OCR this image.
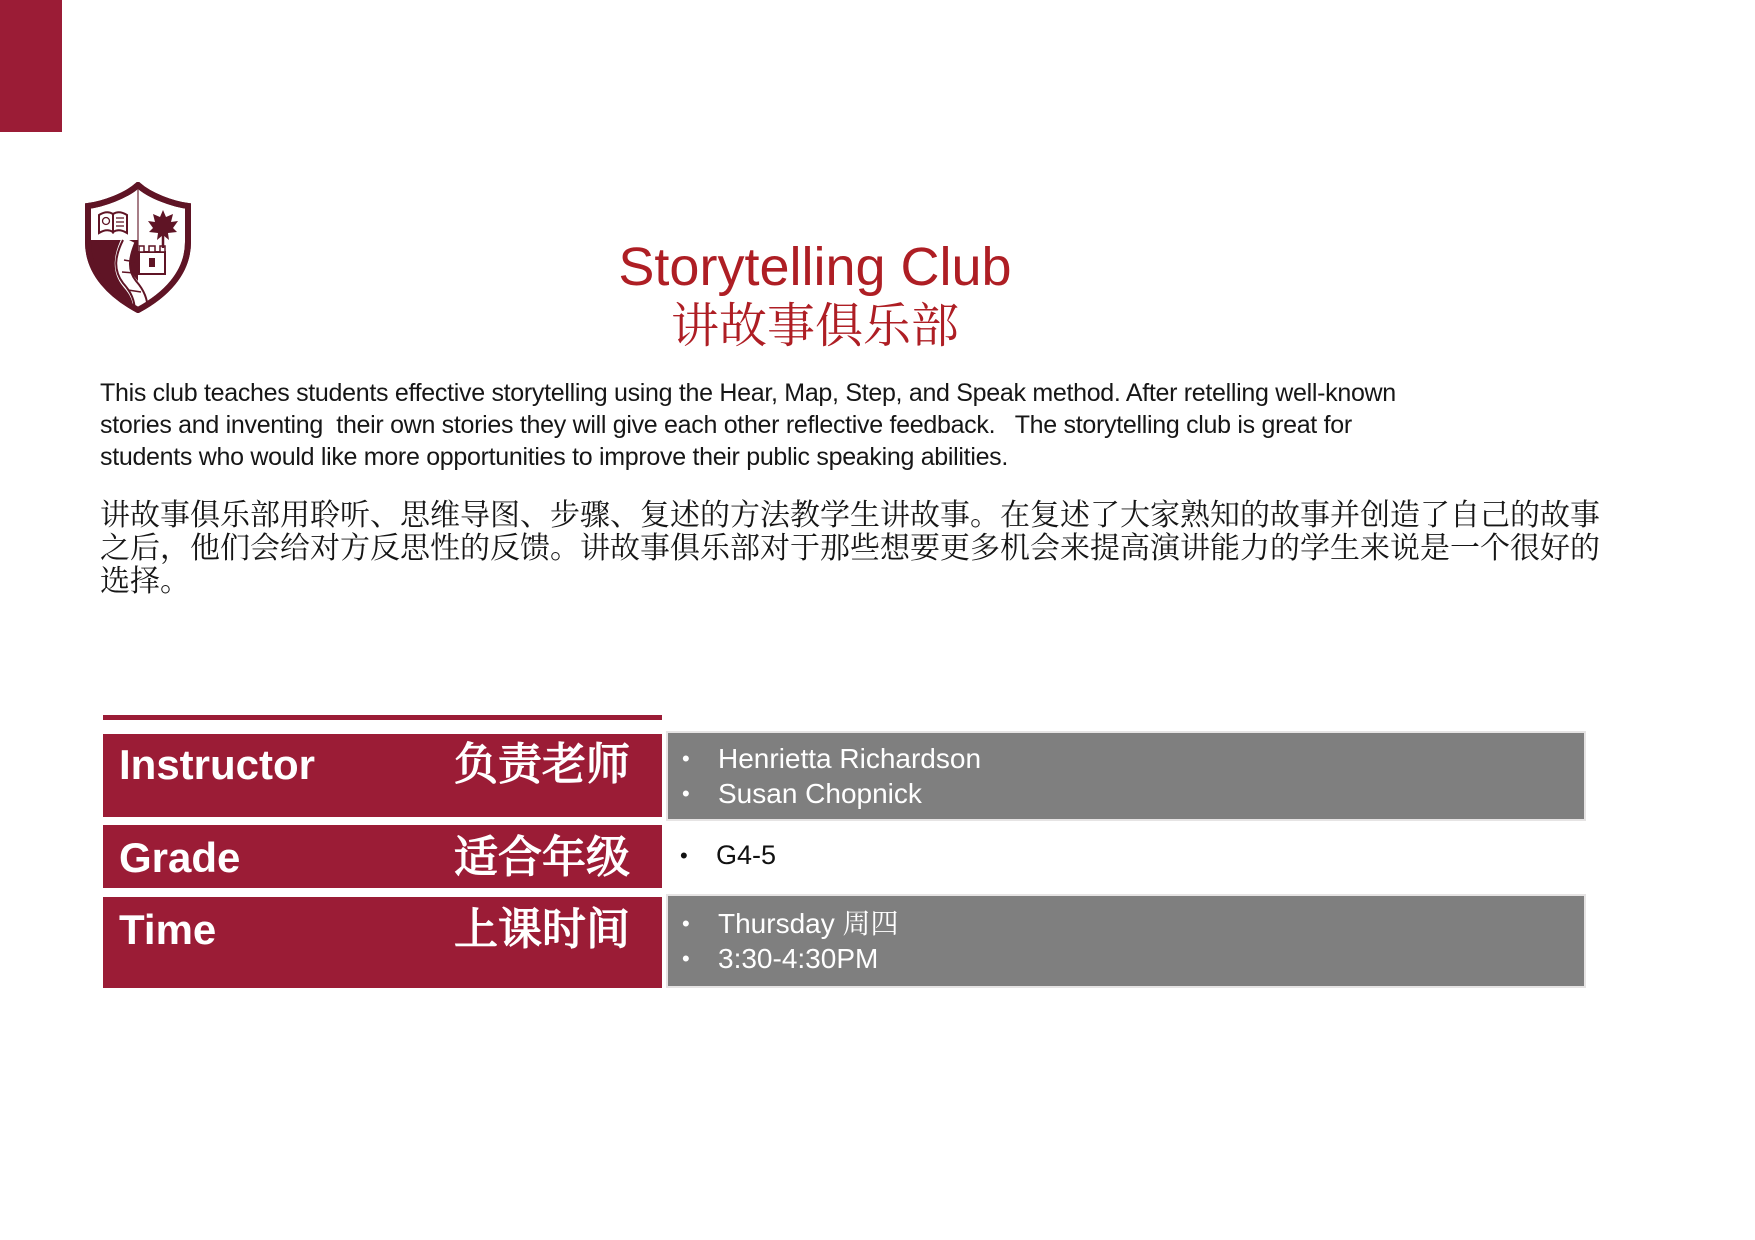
Storytelling Club
讲故事俱乐部
This club teaches students effective storytelling using the Hear, Map, Step, and Speak method. After retelling well-known
stories and inventing  their own stories they will give each other reflective feedback.   The storytelling club is great for
students who would like more opportunities to improve their public speaking abilities.
讲故事俱乐部用聆听、思维导图、步骤、复述的方法教学生讲故事。在复述了大家熟知的故事并创造了自己的故事
之后，他们会给对方反思性的反馈。讲故事俱乐部对于那些想要更多机会来提高演讲能力的学生来说是一个很好的
选择。
Instructor	负责老师 •	Henrietta Richardson
•	Susan Chopnick
Grade	适合年级 •	G4-5
Time	上课时间 •	Thursday 周四
•	3:30-4:30PM
